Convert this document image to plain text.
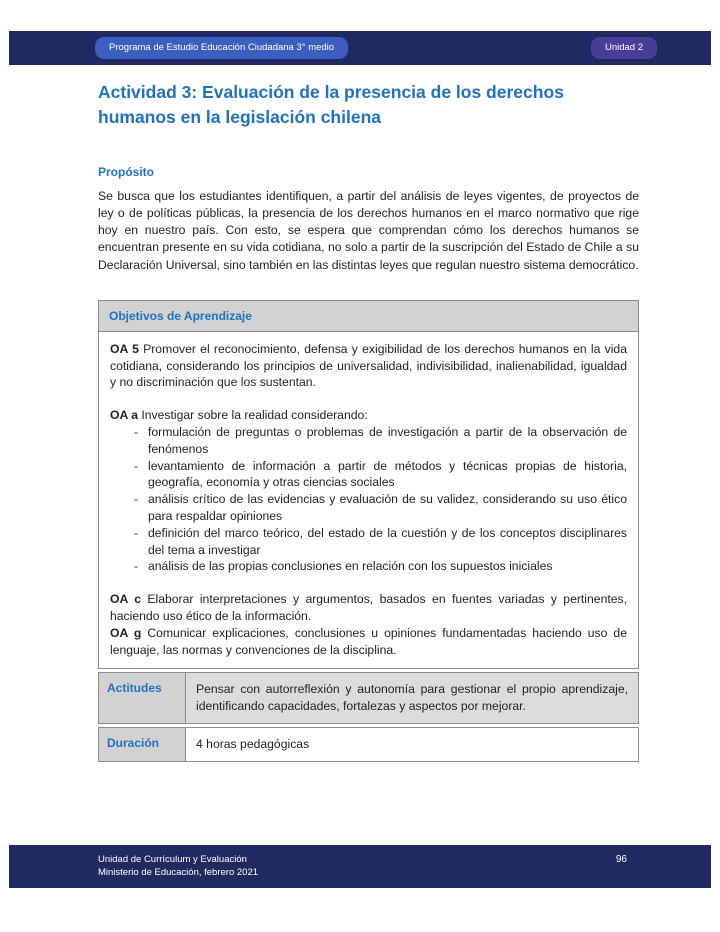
Programa de Estudio Educación Ciudadana 3° medio	Unidad 2
Actividad 3: Evaluación de la presencia de los derechos humanos en la legislación chilena
Propósito

Se busca que los estudiantes identifiquen, a partir del análisis de leyes vigentes, de proyectos de ley o de políticas públicas, la presencia de los derechos humanos en el marco normativo que rige hoy en nuestro país. Con esto, se espera que comprendan cómo los derechos humanos se encuentran presente en su vida cotidiana, no solo a partir de la suscripción del Estado de Chile a su Declaración Universal, sino también en las distintas leyes que regulan nuestro sistema democrático.

Objetivos de Aprendizaje

OA 5 Promover el reconocimiento, defensa y exigibilidad de los derechos humanos en la vida cotidiana, considerando los principios de universalidad, indivisibilidad, inalienabilidad, igualdad y no discriminación que los sustentan.

OA a Investigar sobre la realidad considerando:

- formulación de preguntas o problemas de investigación a partir de la observación de fenómenos
- levantamiento de información a partir de métodos y técnicas propias de historia, geografía, economía y otras ciencias sociales
- análisis crítico de las evidencias y evaluación de su validez, considerando su uso ético para respaldar opiniones
- definición del marco teórico, del estado de la cuestión y de los conceptos disciplinares del tema a investigar
- análisis de las propias conclusiones en relación con los supuestos iniciales

OA c Elaborar interpretaciones y argumentos, basados en fuentes variadas y pertinentes, haciendo uso ético de la información.

OA g Comunicar explicaciones, conclusiones u opiniones fundamentadas haciendo uso de lenguaje, las normas y convenciones de la disciplina.

Actitudes	Pensar con autorreflexión y autonomía para gestionar el propio aprendizaje, identificando capacidades, fortalezas y aspectos por mejorar.
Duración	4 horas pedagógicas
Unidad de Currículum y Evaluación
Ministerio de Educación, febrero 2021
96
